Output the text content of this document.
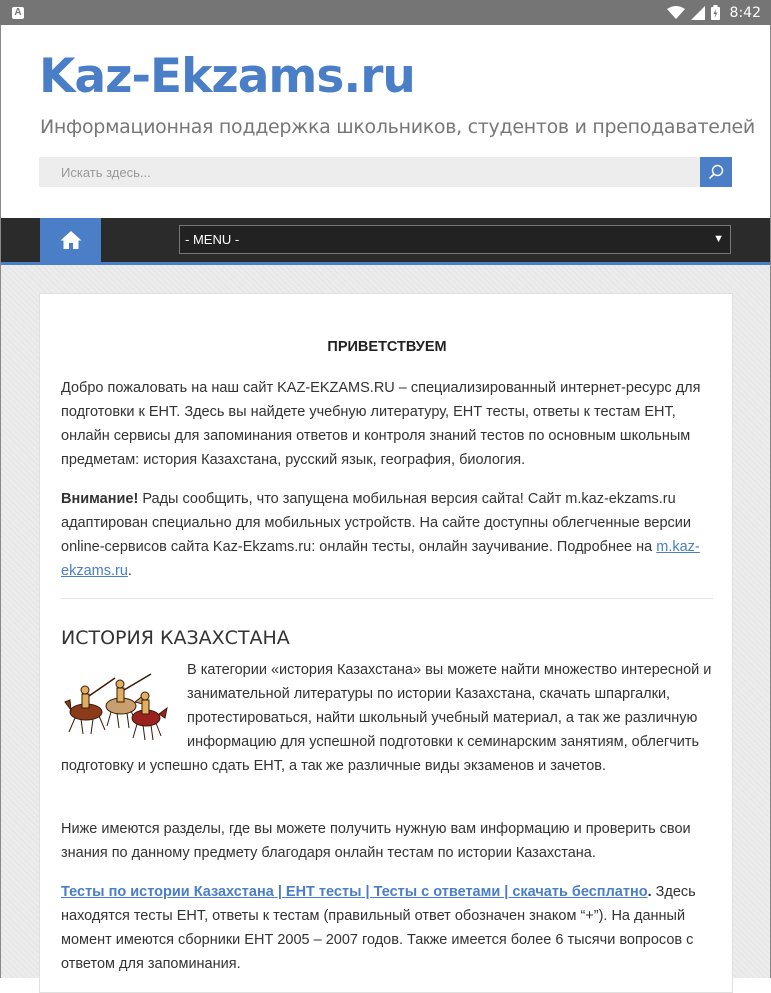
A	8:42
Kaz-Ekzams.ru

Информационная поддержка школьников, студентов и преподавателей

Искать здесь...
- MENU -	▼

ПРИВЕТСТВУЕМ

Добро пожаловать на наш сайт KAZ-EKZAMS.RU – специализированный интернет-ресурс для подготовки к ЕНТ. Здесь вы найдете учебную литературу, ЕНТ тесты, ответы к тестам ЕНТ, онлайн сервисы для запоминания ответов и контроля знаний тестов по основным школьным предметам: история Казахстана, русский язык, география, биология.

Внимание! Рады сообщить, что запущена мобильная версия сайта! Сайт m.kaz-ekzams.ru адаптирован специально для мобильных устройств. На сайте доступны облегченные версии online-сервисов сайта Kaz-Ekzams.ru: онлайн тесты, онлайн заучивание. Подробнее на m.kaz-ekzams.ru.

ИСТОРИЯ КАЗАХСТАНА
В категории «история Казахстана» вы можете найти множество интересной и занимательной литературы по истории Казахстана, скачать шпаргалки, протестироваться, найти школьный учебный материал, а так же различную информацию для успешной подготовки к семинарским занятиям, облегчить подготовку и успешно сдать ЕНТ, а так же различные виды экзаменов и зачетов.

Ниже имеются разделы, где вы можете получить нужную вам информацию и проверить свои знания по данному предмету благодаря онлайн тестам по истории Казахстана.

Тесты по истории Казахстана | ЕНТ тесты | Тесты с ответами | скачать бесплатно. Здесь находятся тесты ЕНТ, ответы к тестам (правильный ответ обозначен знаком “+”). На данный момент имеются сборники ЕНТ 2005 – 2007 годов. Также имеется более 6 тысячи вопросов с ответом для запоминания.
